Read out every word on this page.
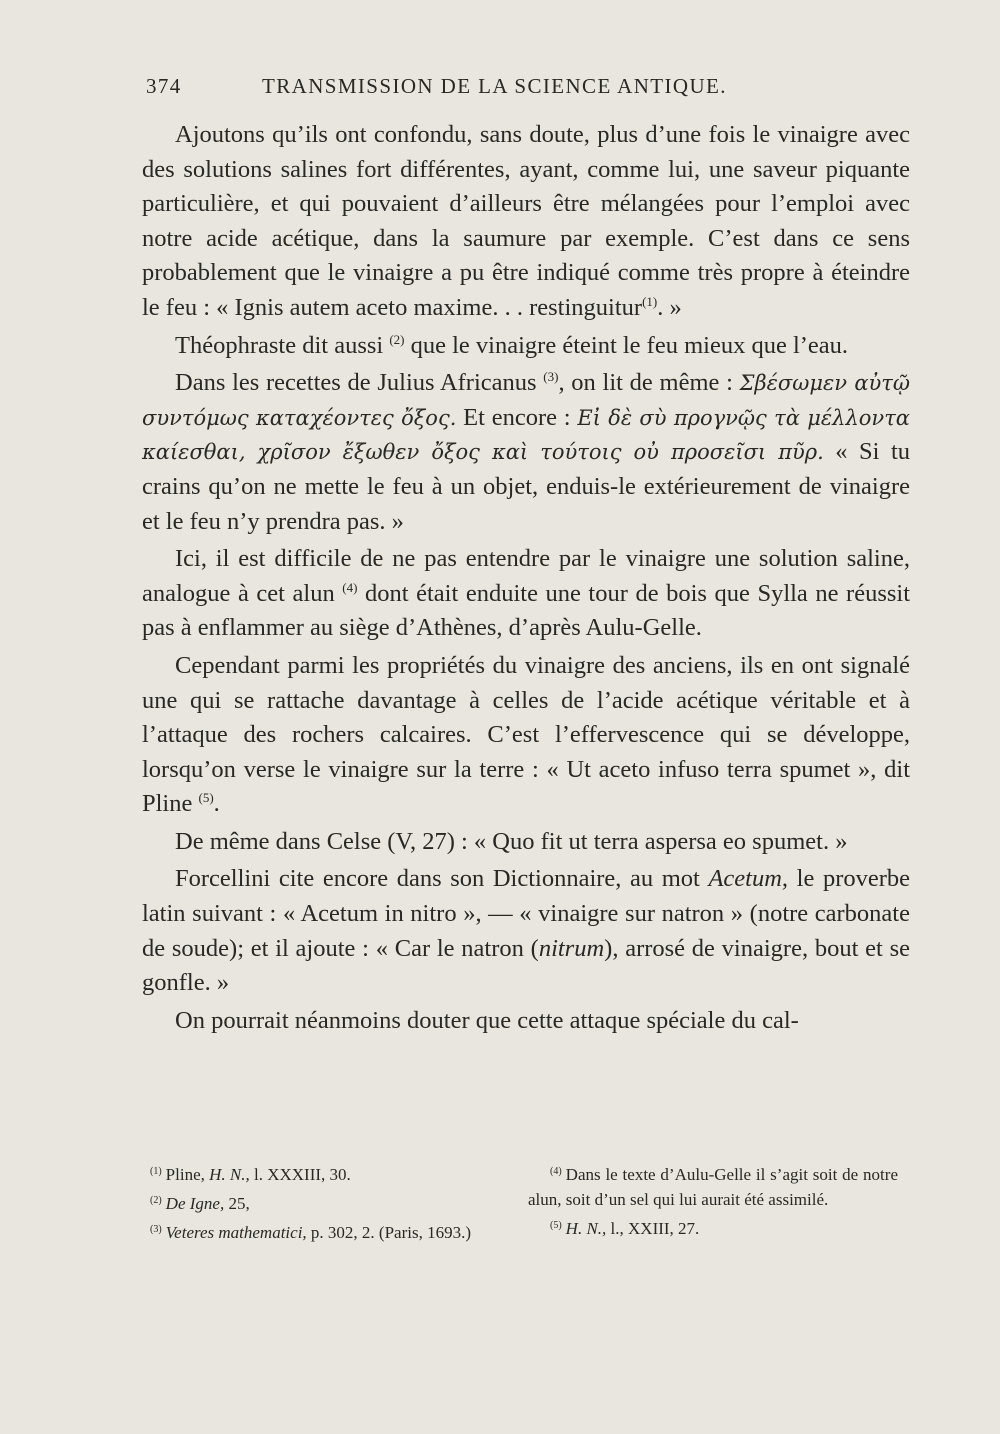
374	TRANSMISSION DE LA SCIENCE ANTIQUE.

Ajoutons qu’ils ont confondu, sans doute, plus d’une fois le vinaigre avec des solutions salines fort différentes, ayant, comme lui, une saveur piquante particulière, et qui pouvaient d’ailleurs être mélangées pour l’emploi avec notre acide acétique, dans la saumure par exemple. C’est dans ce sens probablement que le vinaigre a pu être indiqué comme très propre à éteindre le feu : « Ignis autem aceto maxime. . . restinguitur$^{(1)}$. »

Théophraste dit aussi $^{(2)}$ que le vinaigre éteint le feu mieux que l’eau.

Dans les recettes de Julius Africanus $^{(3)}$, on lit de même : Σβέσωμεν αὐτῷ συντόμως καταχέοντες ὄξος. Et encore : Εἰ δὲ σὺ προγνῷς τὰ μέλλοντα καίεσθαι, χρῖσον ἔξωθεν ὄξος καὶ τούτοις οὐ προσεῖσι πῦρ. « Si tu crains qu’on ne mette le feu à un objet, enduis-le extérieurement de vinaigre et le feu n’y prendra pas. »

Ici, il est difficile de ne pas entendre par le vinaigre une solution saline, analogue à cet alun $^{(4)}$ dont était enduite une tour de bois que Sylla ne réussit pas à enflammer au siège d’Athènes, d’après Aulu-Gelle.

Cependant parmi les propriétés du vinaigre des anciens, ils en ont signalé une qui se rattache davantage à celles de l’acide acétique véritable et à l’attaque des rochers calcaires. C’est l’effervescence qui se développe, lorsqu’on verse le vinaigre sur la terre : « Ut aceto infuso terra spumet », dit Pline $^{(5)}$.

De même dans Celse (V, 27) : « Quo fit ut terra aspersa eo spumet. »

Forcellini cite encore dans son Dictionnaire, au mot Acetum, le proverbe latin suivant : « Acetum in nitro », — « vinaigre sur natron » (notre carbonate de soude); et il ajoute : « Car le natron (nitrum), arrosé de vinaigre, bout et se gonfle. »

On pourrait néanmoins douter que cette attaque spéciale du cal-

$^{(1)}$ Pline, H. N., l. XXXIII, 30.
$^{(2)}$ De Igne, 25,
$^{(3)}$ Veteres mathematici, p. 302, 2. (Paris, 1693.)
$^{(4)}$ Dans le texte d’Aulu-Gelle il s’agit soit de notre alun, soit d’un sel qui lui aurait été assimilé.
$^{(5)}$ H. N., l., XXIII, 27.
